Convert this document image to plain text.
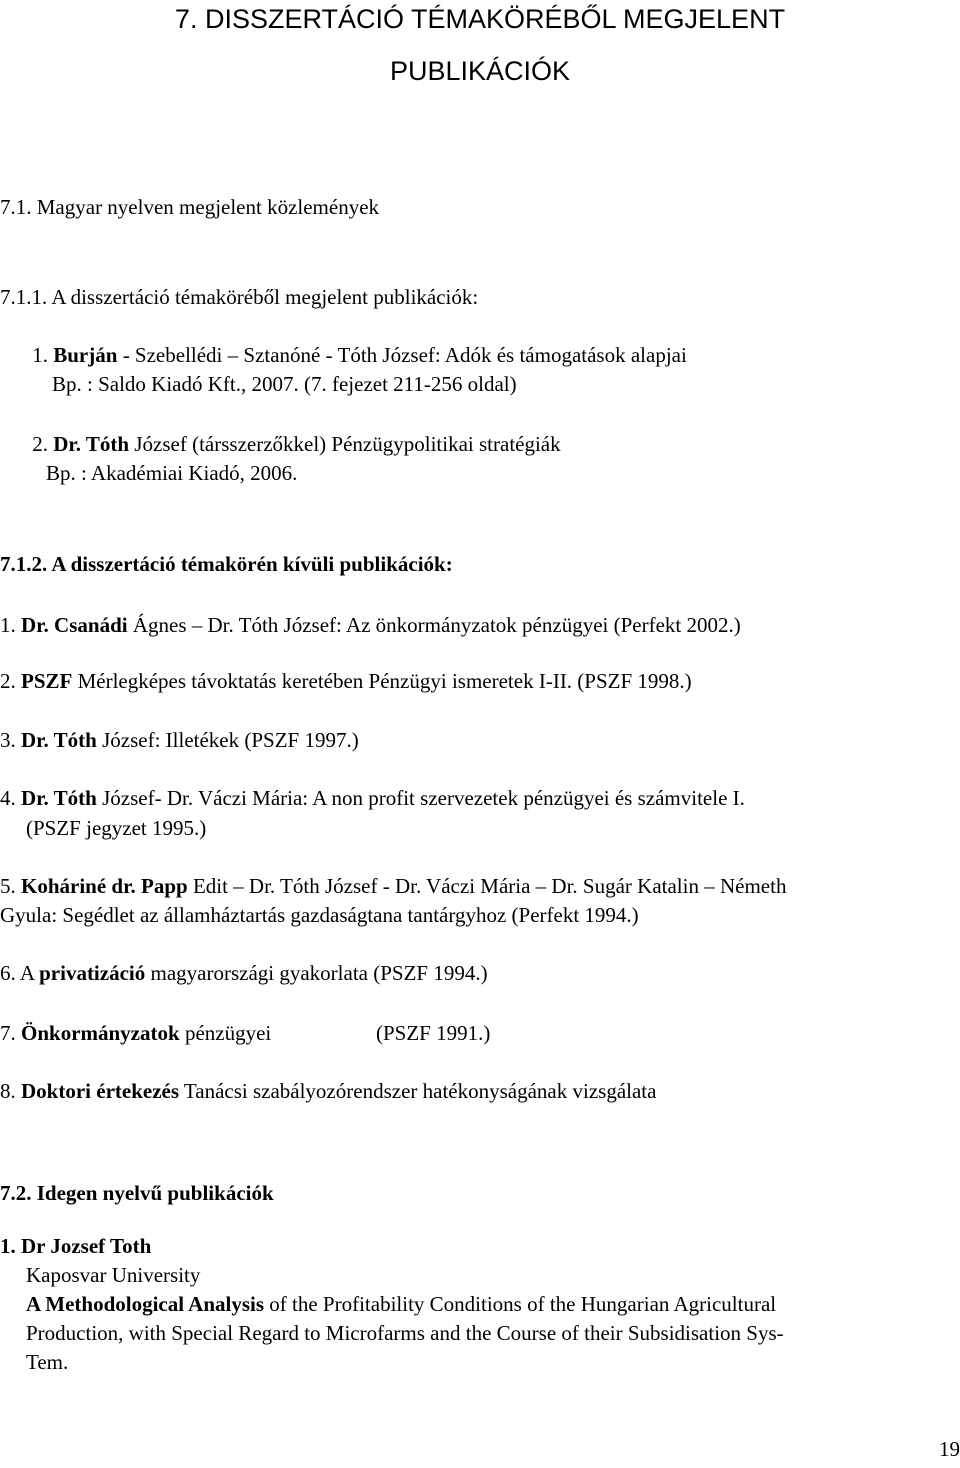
7. DISSZERTÁCIÓ TÉMAKÖRÉBŐL MEGJELENT
PUBLIKÁCIÓK
7.1. Magyar nyelven megjelent közlemények
7.1.1. A disszertáció témaköréből megjelent publikációk:
1. Burján - Szebellédi – Sztanóné - Tóth József: Adók és támogatások alapjai
Bp. : Saldo Kiadó Kft., 2007. (7. fejezet 211-256 oldal)
2. Dr. Tóth József (társszerzőkkel) Pénzügypolitikai stratégiák
Bp. : Akadémiai Kiadó, 2006.
7.1.2. A disszertáció témakörén kívüli publikációk:
1. Dr. Csanádi Ágnes – Dr. Tóth József: Az önkormányzatok pénzügyei (Perfekt 2002.)
2. PSZF Mérlegképes távoktatás keretében Pénzügyi ismeretek I-II. (PSZF 1998.)
3. Dr. Tóth József: Illetékek (PSZF 1997.)
4. Dr. Tóth József- Dr. Váczi Mária: A non profit szervezetek pénzügyei és számvitele I.
(PSZF jegyzet 1995.)
5. Koháriné dr. Papp Edit – Dr. Tóth József - Dr. Váczi Mária – Dr. Sugár Katalin – Németh
Gyula: Segédlet az államháztartás gazdaságtana tantárgyhoz (Perfekt 1994.)
6. A privatizáció magyarországi gyakorlata (PSZF 1994.)
7. Önkormányzatok pénzügyei	(PSZF 1991.)
8. Doktori értekezés Tanácsi szabályozórendszer hatékonyságának vizsgálata
7.2. Idegen nyelvű publikációk
1. Dr Jozsef Toth
Kaposvar University
A Methodological Analysis of the Profitability Conditions of the Hungarian Agricultural
Production, with Special Regard to Microfarms and the Course of their Subsidisation Sys-
Tem.
19
